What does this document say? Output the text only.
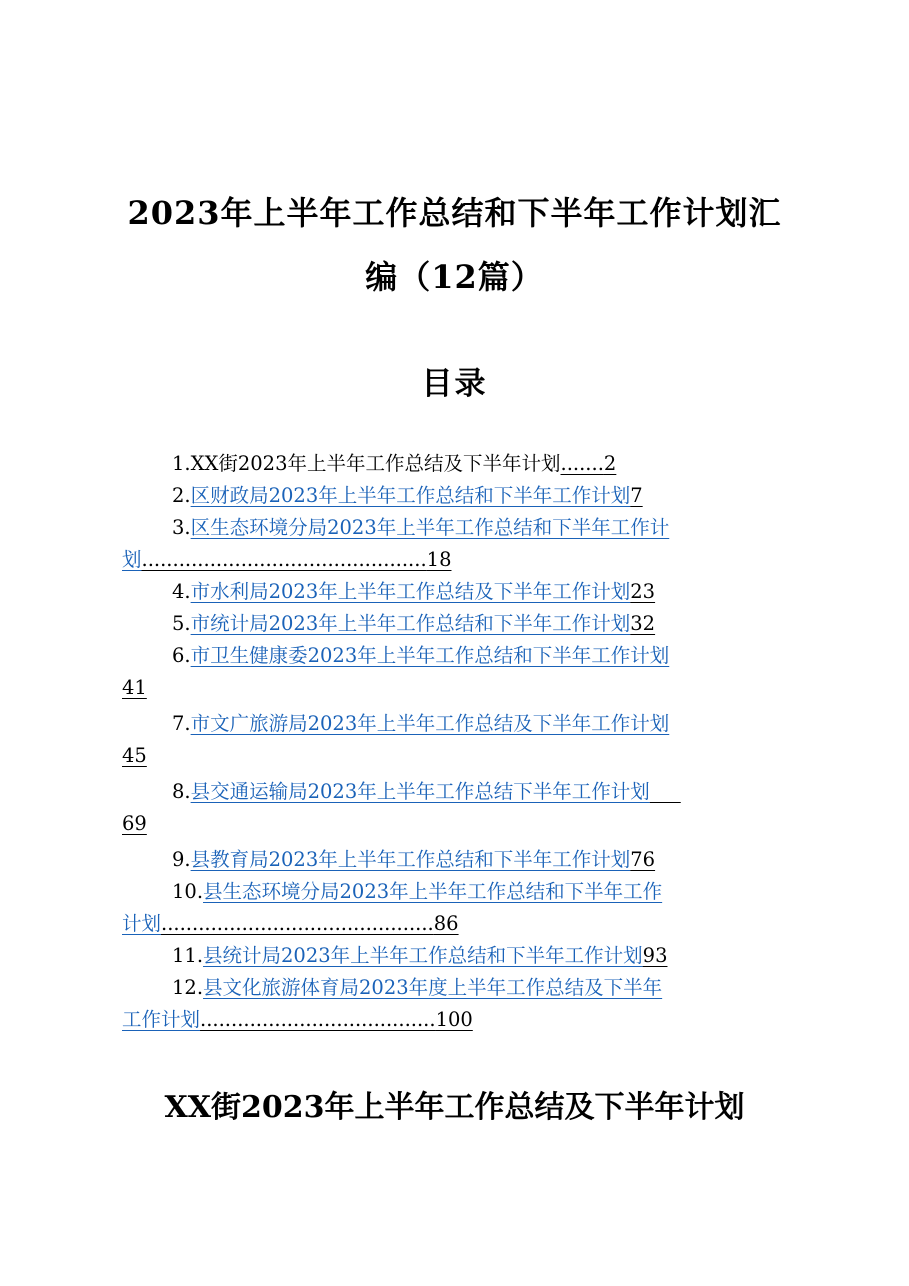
2023年上半年工作总结和下半年工作计划汇
编（12篇）
目录
1.XX街2023年上半年工作总结及下半年计划.......2
2.区财政局2023年上半年工作总结和下半年工作计划7
3.区生态环境分局2023年上半年工作总结和下半年工作计
划..............................................18
4.市水利局2023年上半年工作总结及下半年工作计划23
5.市统计局2023年上半年工作总结和下半年工作计划32
6.市卫生健康委2023年上半年工作总结和下半年工作计划
41
7.市文广旅游局2023年上半年工作总结及下半年工作计划
45
8.县交通运输局2023年上半年工作总结下半年工作计划
69
9.县教育局2023年上半年工作总结和下半年工作计划76
10.县生态环境分局2023年上半年工作总结和下半年工作
计划............................................86
11.县统计局2023年上半年工作总结和下半年工作计划93
12.县文化旅游体育局2023年度上半年工作总结及下半年
工作计划......................................100
XX街2023年上半年工作总结及下半年计划
